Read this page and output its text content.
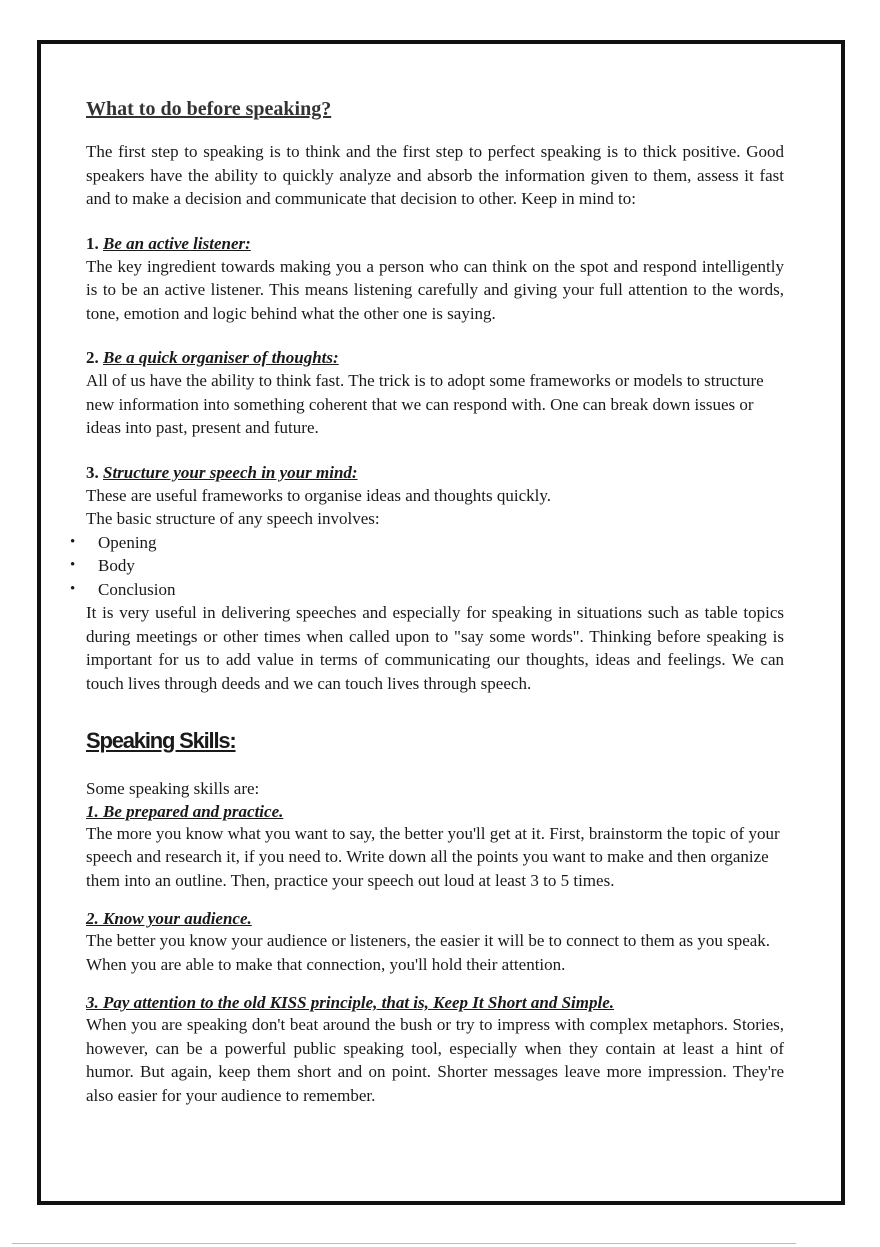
What to do before speaking?

The first step to speaking is to think and the first step to perfect speaking is to thick positive. Good speakers have the ability to quickly analyze and absorb the information given to them, assess it fast and to make a decision and communicate that decision to other. Keep in mind to:

1. Be an active listener:

The key ingredient towards making you a person who can think on the spot and respond intelligently is to be an active listener. This means listening carefully and giving your full attention to the words, tone, emotion and logic behind what the other one is saying.

2. Be a quick organiser of thoughts:

All of us have the ability to think fast. The trick is to adopt some frameworks or models to structure new information into something coherent that we can respond with. One can break down issues or ideas into past, present and future.

3. Structure your speech in your mind:

These are useful frameworks to organise ideas and thoughts quickly.

The basic structure of any speech involves:

• Opening
• Body
• Conclusion

It is very useful in delivering speeches and especially for speaking in situations such as table topics during meetings or other times when called upon to "say some words". Thinking before speaking is important for us to add value in terms of communicating our thoughts, ideas and feelings. We can touch lives through deeds and we can touch lives through speech.

Speaking Skills:

Some speaking skills are:

1. Be prepared and practice.

The more you know what you want to say, the better you'll get at it. First, brainstorm the topic of your speech and research it, if you need to. Write down all the points you want to make and then organize them into an outline. Then, practice your speech out loud at least 3 to 5 times.

2. Know your audience.

The better you know your audience or listeners, the easier it will be to connect to them as you speak. When you are able to make that connection, you'll hold their attention.

3. Pay attention to the old KISS principle, that is, Keep It Short and Simple.

When you are speaking don't beat around the bush or try to impress with complex metaphors. Stories, however, can be a powerful public speaking tool, especially when they contain at least a hint of humor. But again, keep them short and on point. Shorter messages leave more impression. They're also easier for your audience to remember.
